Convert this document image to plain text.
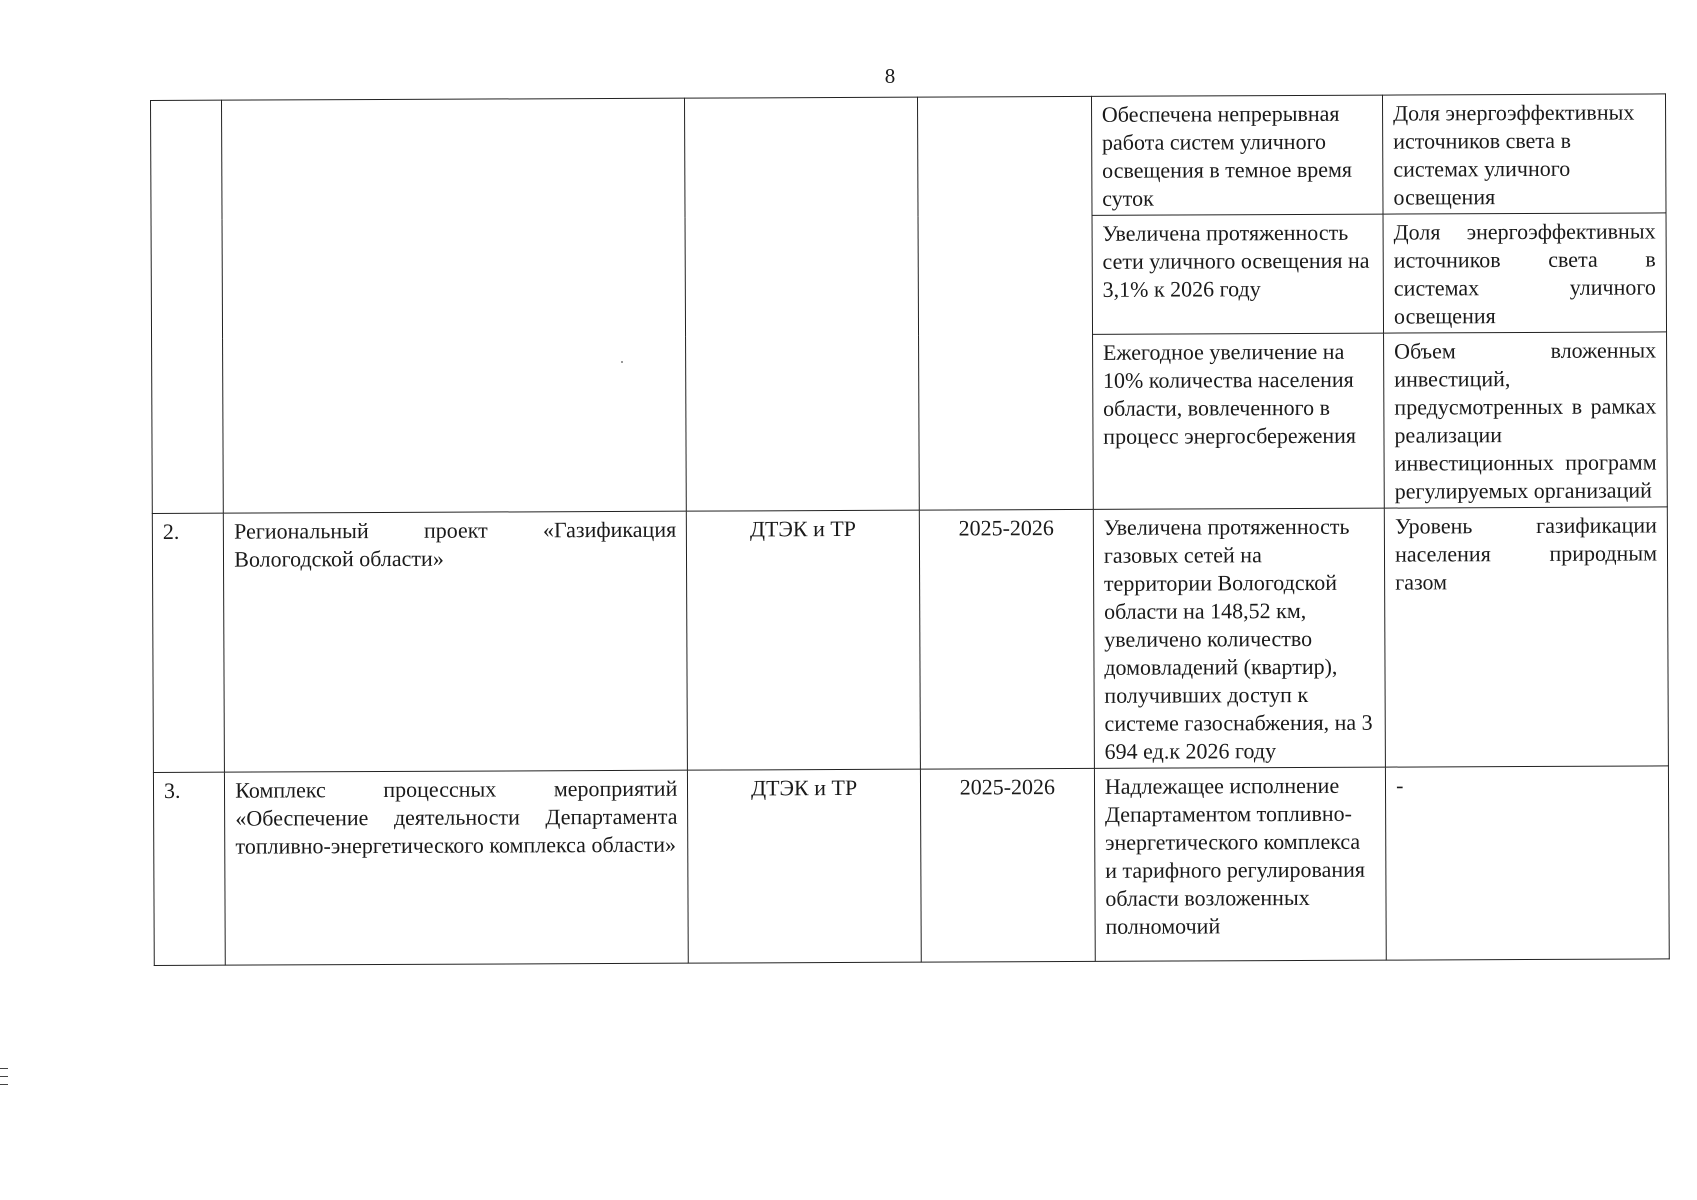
8
				Обеспечена непрерывная работа систем уличного освещения в темное время суток	Доля энергоэффективных источников света в системах уличного освещения
				Увеличена протяженность сети уличного освещения на 3,1% к 2026 году	Доля энергоэффективных источников света в системах уличного освещения
				Ежегодное увеличение на 10% количества населения области, вовлеченного в процесс энергосбережения	Объем вложенных инвестиций, предусмотренных в рамках реализации инвестиционных программ регулируемых организаций
2.	Региональный проект «Газификация Вологодской области»	ДТЭК и ТР	2025-2026	Увеличена протяженность газовых сетей на территории Вологодской области на 148,52 км, увеличено количество домовладений (квартир), получивших доступ к системе газоснабжения, на 3 694 ед.к 2026 году	Уровень газификации населения природным газом
3.	Комплекс процессных мероприятий «Обеспечение деятельности Департамента топливно-энергетического комплекса области»	ДТЭК и ТР	2025-2026	Надлежащее исполнение Департаментом топливно-энергетического комплекса и тарифного регулирования области возложенных полномочий	-
